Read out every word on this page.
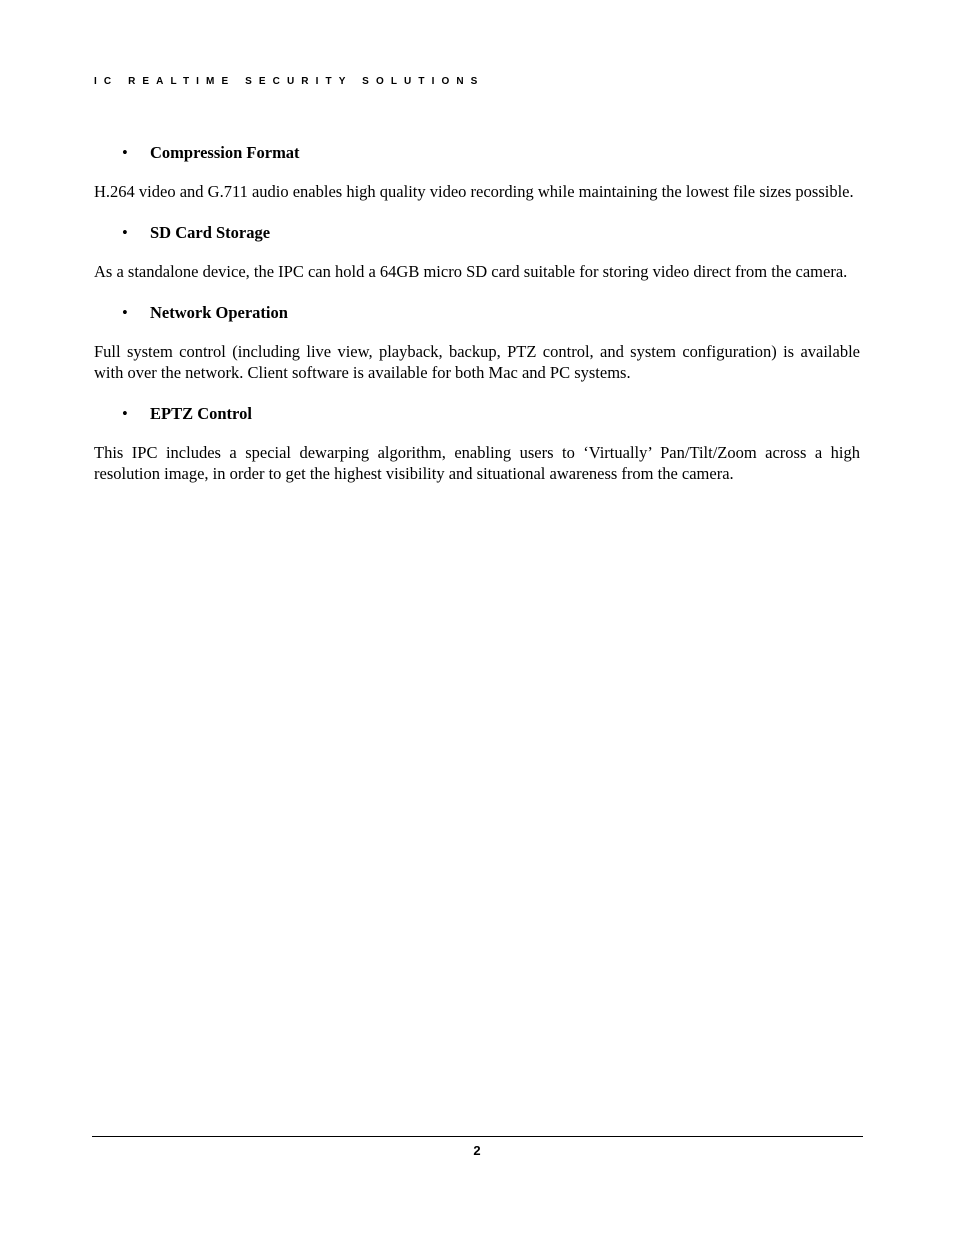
IC REALTIME SECURITY SOLUTIONS
•	Compression Format

H.264 video and G.711 audio enables high quality video recording while maintaining the lowest file sizes possible.

•	SD Card Storage

As a standalone device, the IPC can hold a 64GB micro SD card suitable for storing video direct from the camera.

•	Network Operation

Full system control (including live view, playback, backup, PTZ control, and system configuration) is available with over the network. Client software is available for both Mac and PC systems.

•	EPTZ Control

This IPC includes a special dewarping algorithm, enabling users to ‘Virtually’ Pan/Tilt/Zoom across a high resolution image, in order to get the highest visibility and situational awareness from the camera.

2
